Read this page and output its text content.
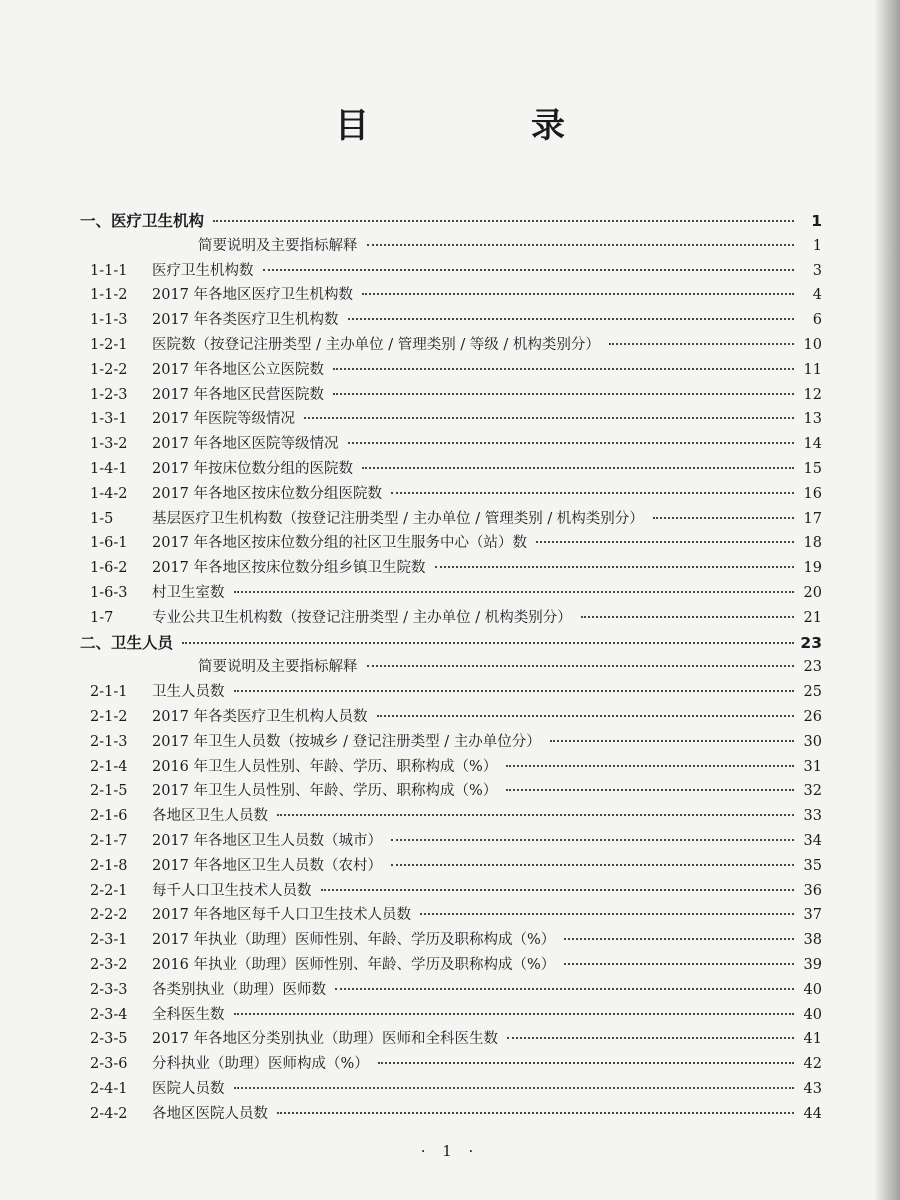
目　录
一、 医疗卫生机构	1
简要说明及主要指标解释	1
1-1-1	医疗卫生机构数	3
1-1-2	2017 年各地区医疗卫生机构数	4
1-1-3	2017 年各类医疗卫生机构数	6
1-2-1	医院数（按登记注册类型 / 主办单位 / 管理类别 / 等级 / 机构类别分）	10
1-2-2	2017 年各地区公立医院数	11
1-2-3	2017 年各地区民营医院数	12
1-3-1	2017 年医院等级情况	13
1-3-2	2017 年各地区医院等级情况	14
1-4-1	2017 年按床位数分组的医院数	15
1-4-2	2017 年各地区按床位数分组医院数	16
1-5	基层医疗卫生机构数（按登记注册类型 / 主办单位 / 管理类别 / 机构类别分）	17
1-6-1	2017 年各地区按床位数分组的社区卫生服务中心（站）数	18
1-6-2	2017 年各地区按床位数分组乡镇卫生院数	19
1-6-3	村卫生室数	20
1-7	专业公共卫生机构数（按登记注册类型 / 主办单位 / 机构类别分）	21
二、 卫生人员	23
简要说明及主要指标解释	23
2-1-1	卫生人员数	25
2-1-2	2017 年各类医疗卫生机构人员数	26
2-1-3	2017 年卫生人员数（按城乡 / 登记注册类型 / 主办单位分）	30
2-1-4	2016 年卫生人员性别、年龄、学历、职称构成（%）	31
2-1-5	2017 年卫生人员性别、年龄、学历、职称构成（%）	32
2-1-6	各地区卫生人员数	33
2-1-7	2017 年各地区卫生人员数（城市）	34
2-1-8	2017 年各地区卫生人员数（农村）	35
2-2-1	每千人口卫生技术人员数	36
2-2-2	2017 年各地区每千人口卫生技术人员数	37
2-3-1	2017 年执业（助理）医师性别、年龄、学历及职称构成（%）	38
2-3-2	2016 年执业（助理）医师性别、年龄、学历及职称构成（%）	39
2-3-3	各类别执业（助理）医师数	40
2-3-4	全科医生数	40
2-3-5	2017 年各地区分类别执业（助理）医师和全科医生数	41
2-3-6	分科执业（助理）医师构成（%）	42
2-4-1	医院人员数	43
2-4-2	各地区医院人员数	44
· 1 ·
